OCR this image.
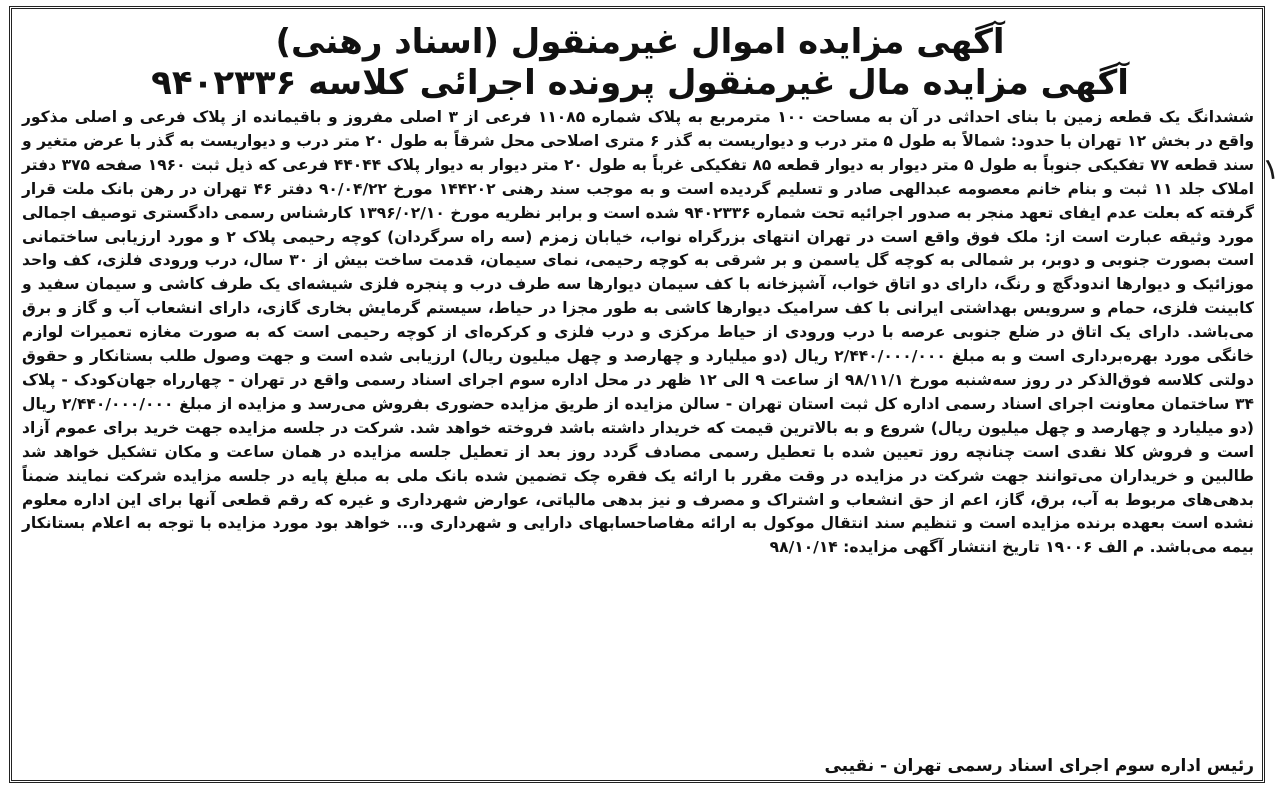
آگهی مزایده اموال غیرمنقول (اسناد رهنی)
آگهی مزایده مال غیرمنقول پرونده اجرائی کلاسه ۹۴۰۲۳۳۶

ششدانگ یک قطعه زمین با بنای احداثی در آن به مساحت ۱۰۰ مترمربع به پلاک شماره ۱۱۰۸۵ فرعی از ۳ اصلی مفروز و باقیمانده از پلاک فرعی و اصلی مذکور واقع در بخش ۱۲ تهران با حدود: شمالاً به طول ۵ متر درب و دیواریست به گذر ۶ متری اصلاحی محل شرقاً به طول ۲۰ متر درب و دیواریست به گذر با عرض متغیر و سند قطعه ۷۷ تفکیکی جنوباً به طول ۵ متر دیوار به دیوار قطعه ۸۵ تفکیکی غرباً به طول ۲۰ متر دیوار به دیوار پلاک ۴۴۰۴۴ فرعی که ذیل ثبت ۱۹۶۰ صفحه ۳۷۵ دفتر املاک جلد ۱۱ ثبت و بنام خانم معصومه عبدالهی صادر و تسلیم گردیده است و به موجب سند رهنی ۱۴۴۲۰۲ مورخ ۹۰/۰۴/۲۲ دفتر ۴۶ تهران در رهن بانک ملت قرار گرفته که بعلت عدم ایفای تعهد منجر به صدور اجرائیه تحت شماره ۹۴۰۲۳۳۶ شده است و برابر نظریه مورخ ۱۳۹۶/۰۲/۱۰ کارشناس رسمی دادگستری توصیف اجمالی مورد وثیقه عبارت است از: ملک فوق واقع است در تهران انتهای بزرگراه نواب، خیابان زمزم (سه راه سرگردان) کوچه رحیمی پلاک ۲ و مورد ارزیابی ساختمانی است بصورت جنوبی و دوبر، بر شمالی به کوچه گل یاسمن و بر شرقی به کوچه رحیمی، نمای سیمان، قدمت ساخت بیش از ۳۰ سال، درب ورودی فلزی، کف واحد موزائیک و دیوارها اندودگچ و رنگ، دارای دو اتاق خواب، آشپزخانه با کف سیمان دیوارها سه طرف درب و پنجره فلزی شیشه‌ای یک طرف کاشی و سیمان سفید و کابینت فلزی، حمام و سرویس بهداشتی ایرانی با کف سرامیک دیوارها کاشی به طور مجزا در حیاط، سیستم گرمایش بخاری گازی، دارای انشعاب آب و گاز و برق می‌باشد. دارای یک اتاق در ضلع جنوبی عرصه با درب ورودی از حیاط مرکزی و درب فلزی و کرکره‌ای از کوچه رحیمی است که به صورت مغازه تعمیرات لوازم خانگی مورد بهره‌برداری است و به مبلغ ۲/۴۴۰/۰۰۰/۰۰۰ ریال (دو میلیارد و چهارصد و چهل میلیون ریال) ارزیابی شده است و جهت وصول طلب بستانکار و حقوق دولتی کلاسه فوق‌الذکر در روز سه‌شنبه مورخ ۹۸/۱۱/۱ از ساعت ۹ الی ۱۲ ظهر در محل اداره سوم اجرای اسناد رسمی واقع در تهران - چهارراه جهان‌کودک - پلاک ۳۴ ساختمان معاونت اجرای اسناد رسمی اداره کل ثبت استان تهران - سالن مزایده از طریق مزایده حضوری بفروش می‌رسد و مزایده از مبلغ ۲/۴۴۰/۰۰۰/۰۰۰ ریال (دو میلیارد و چهارصد و چهل میلیون ریال) شروع و به بالاترین قیمت که خریدار داشته باشد فروخته خواهد شد. شرکت در جلسه مزایده جهت خرید برای عموم آزاد است و فروش کلا نقدی است چنانچه روز تعیین شده با تعطیل رسمی مصادف گردد روز بعد از تعطیل جلسه مزایده در همان ساعت و مکان تشکیل خواهد شد طالبین و خریداران می‌توانند جهت شرکت در مزایده در وقت مقرر با ارائه یک فقره چک تضمین شده بانک ملی به مبلغ پایه در جلسه مزایده شرکت نمایند ضمناً بدهی‌های مربوط به آب، برق، گاز، اعم از حق انشعاب و اشتراک و مصرف و نیز بدهی مالیاتی، عوارض شهرداری و غیره که رقم قطعی آنها برای این اداره معلوم نشده است بعهده برنده مزایده است و تنظیم سند انتقال موکول به ارائه مفاصاحسابهای دارایی و شهرداری و... خواهد بود مورد مزایده با توجه به اعلام بستانکار بیمه می‌باشد. م الف ۱۹۰۰۶ تاریخ انتشار آگهی مزایده: ۹۸/۱۰/۱۴

رئیس اداره سوم اجرای اسناد رسمی تهران - نقیبی
۱
